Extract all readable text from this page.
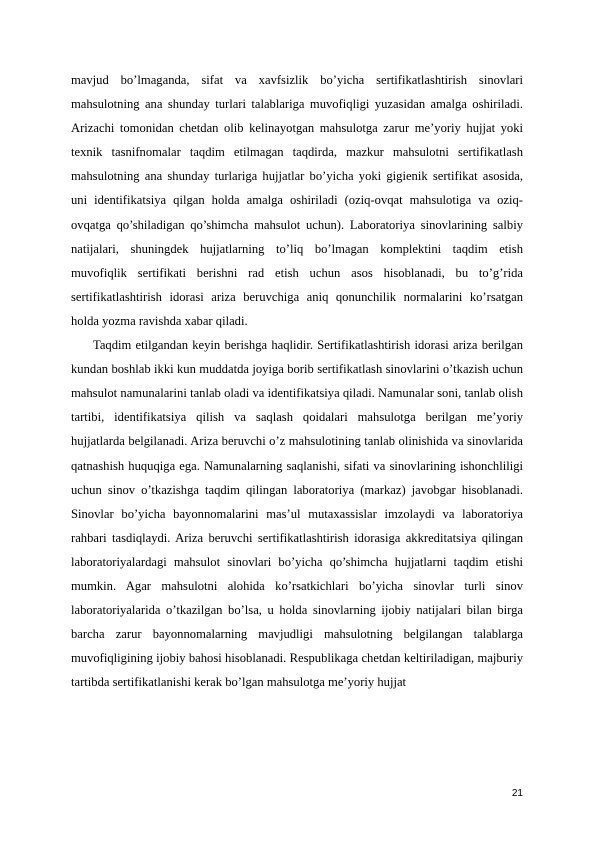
mavjud bo’lmaganda, sifat va xavfsizlik bo’yicha sertifikatlashtirish sinovlari mahsulotning ana shunday turlari talablariga muvofiqligi yuzasidan amalga oshiriladi. Arizachi tomonidan chetdan olib kelinayotgan mahsulotga zarur me’yoriy hujjat yoki texnik tasnifnomalar taqdim etilmagan taqdirda, mazkur mahsulotni sertifikatlash mahsulotning ana shunday turlariga hujjatlar bo’yicha yoki gigienik sertifikat asosida, uni identifikatsiya qilgan holda amalga oshiriladi (oziq-ovqat mahsulotiga va oziq-ovqatga qo’shiladigan qo’shimcha mahsulot uchun). Laboratoriya sinovlarining salbiy natijalari, shuningdek hujjatlarning to’liq bo’lmagan komplektini taqdim etish muvofiqlik sertifikati berishni rad etish uchun asos hisoblanadi, bu to’g’rida sertifikatlashtirish idorasi ariza beruvchiga aniq qonunchilik normalarini ko’rsatgan holda yozma ravishda xabar qiladi.

Taqdim etilgandan keyin berishga haqlidir. Sertifikatlashtirish idorasi ariza berilgan kundan boshlab ikki kun muddatda joyiga borib sertifikatlash sinovlarini o’tkazish uchun mahsulot namunalarini tanlab oladi va identifikatsiya qiladi. Namunalar soni, tanlab olish tartibi, identifikatsiya qilish va saqlash qoidalari mahsulotga berilgan me’yoriy hujjatlarda belgilanadi. Ariza beruvchi o’z mahsulotining tanlab olinishida va sinovlarida qatnashish huquqiga ega. Namunalarning saqlanishi, sifati va sinovlarining ishonchliligi uchun sinov o’tkazishga taqdim qilingan laboratoriya (markaz) javobgar hisoblanadi. Sinovlar bo’yicha bayonnomalarini mas’ul mutaxassislar imzolaydi va laboratoriya rahbari tasdiqlaydi. Ariza beruvchi sertifikatlashtirish idorasiga akkreditatsiya qilingan laboratoriyalardagi mahsulot sinovlari bo’yicha qo’shimcha hujjatlarni taqdim etishi mumkin. Agar mahsulotni alohida ko’rsatkichlari bo’yicha sinovlar turli sinov laboratoriyalarida o’tkazilgan bo’lsa, u holda sinovlarning ijobiy natijalari bilan birga barcha zarur bayonnomalarning mavjudligi mahsulotning belgilangan talablarga muvofiqligining ijobiy bahosi hisoblanadi. Respublikaga chetdan keltiriladigan, majburiy tartibda sertifikatlanishi kerak bo’lgan mahsulotga me’yoriy hujjat

21
